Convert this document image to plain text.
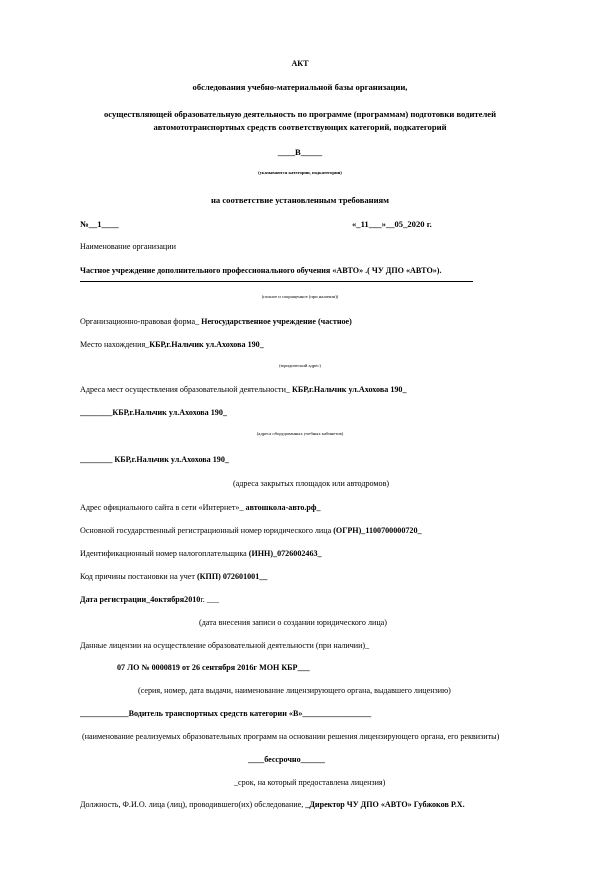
АКТ
обследования учебно-материальной базы организации,
осуществляющей образовательную деятельность по программе (программам) подготовки водителей
автомототранспортных средств соответствующих категорий, подкатегорий
____В_____
(указываются категории, подкатегории)
на соответствие установленным требованиям
№__1____	«_11___»__05_2020 г.
Наименование организации
Частное учреждение дополнительного профессионального обучения «АВТО» .( ЧУ ДПО «АВТО»).
(полное и сокращенное (при наличии))
Организационно-правовая форма_ Негосударственное учреждение (частное)
Место нахождения_КБР,г.Нальчик ул.Ахохова 190_
(юридический адрес)
Адреса мест осуществления образовательной деятельности_ КБР,г.Нальчик ул.Ахохова 190_
________КБР,г.Нальчик ул.Ахохова 190_
(адреса оборудованных учебных кабинетов)
________ КБР,г.Нальчик ул.Ахохова 190_
(адреса закрытых площадок или автодромов)
Адрес официального сайта в сети «Интернет»_ автошкола-авто.рф_
Основной государственный регистрационный номер юридического лица (ОГРН)_1100700000720_
Идентификационный номер налогоплательщика (ИНН)_0726002463_
Код причины постановки на учет (КПП) 072601001__
Дата регистрации_4октября2010г. ___
(дата внесения записи о создании юридического лица)
Данные лицензии на осуществление образовательной деятельности (при наличии)_
07 ЛО № 0000819 от 26 сентября 2016г МОН КБР___
(серия, номер, дата выдачи, наименование лицензирующего органа, выдавшего лицензию)
____________Водитель транспортных средств категории «В»_________________
(наименование реализуемых образовательных программ на основании решения лицензирующего органа, его реквизиты)
____бессрочно______
_срок, на который предоставлена лицензия)
Должность, Ф.И.О. лица (лиц), проводившего(их) обследование, _Директор ЧУ ДПО «АВТО» Губжоков Р.Х.
